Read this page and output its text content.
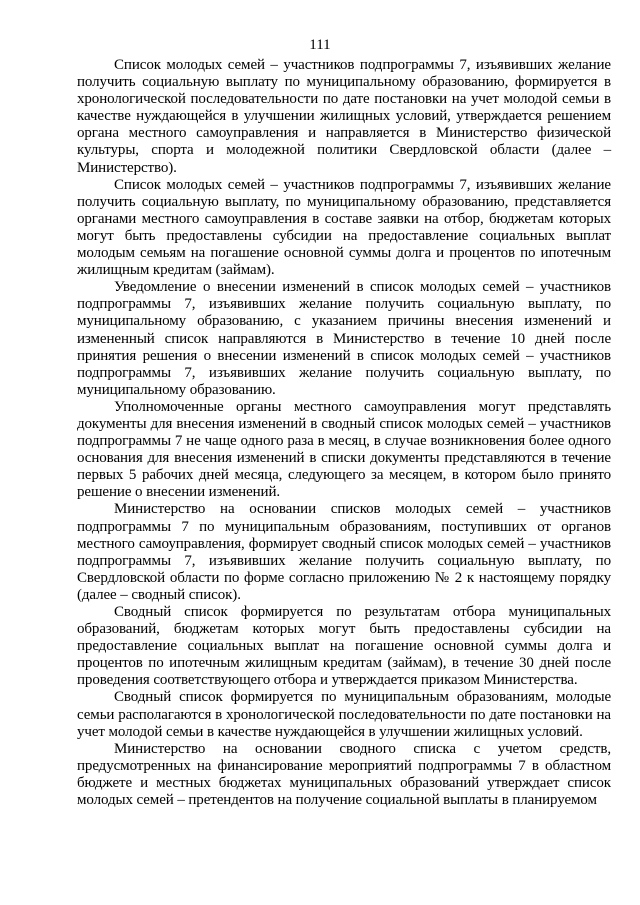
111

Список молодых семей – участников подпрограммы 7, изъявивших желание получить социальную выплату по муниципальному образованию, формируется в хронологической последовательности по дате постановки на учет молодой семьи в качестве нуждающейся в улучшении жилищных условий, утверждается решением органа местного самоуправления и направляется в Министерство физической культуры, спорта и молодежной политики Свердловской области (далее – Министерство).

Список молодых семей – участников подпрограммы 7, изъявивших желание получить социальную выплату, по муниципальному образованию, представляется органами местного самоуправления в составе заявки на отбор, бюджетам которых могут быть предоставлены субсидии на предоставление социальных выплат молодым семьям на погашение основной суммы долга и процентов по ипотечным жилищным кредитам (займам).

Уведомление о внесении изменений в список молодых семей – участников подпрограммы 7, изъявивших желание получить социальную выплату, по муниципальному образованию, с указанием причины внесения изменений и измененный список направляются в Министерство в течение 10 дней после принятия решения о внесении изменений в список молодых семей – участников подпрограммы 7, изъявивших желание получить социальную выплату, по муниципальному образованию.

Уполномоченные органы местного самоуправления могут представлять документы для внесения изменений в сводный список молодых семей – участников подпрограммы 7 не чаще одного раза в месяц, в случае возникновения более одного основания для внесения изменений в списки документы представляются в течение первых 5 рабочих дней месяца, следующего за месяцем, в котором было принято решение о внесении изменений.

Министерство на основании списков молодых семей – участников подпрограммы 7 по муниципальным образованиям, поступивших от органов местного самоуправления, формирует сводный список молодых семей – участников подпрограммы 7, изъявивших желание получить социальную выплату, по Свердловской области по форме согласно приложению № 2 к настоящему порядку (далее – сводный список).

Сводный список формируется по результатам отбора муниципальных образований, бюджетам которых могут быть предоставлены субсидии на предоставление социальных выплат на погашение основной суммы долга и процентов по ипотечным жилищным кредитам (займам), в течение 30 дней после проведения соответствующего отбора и утверждается приказом Министерства.

Сводный список формируется по муниципальным образованиям, молодые семьи располагаются в хронологической последовательности по дате постановки на учет молодой семьи в качестве нуждающейся в улучшении жилищных условий.

Министерство на основании сводного списка с учетом средств, предусмотренных на финансирование мероприятий подпрограммы 7 в областном бюджете и местных бюджетах муниципальных образований утверждает список молодых семей – претендентов на получение социальной выплаты в планируемом
